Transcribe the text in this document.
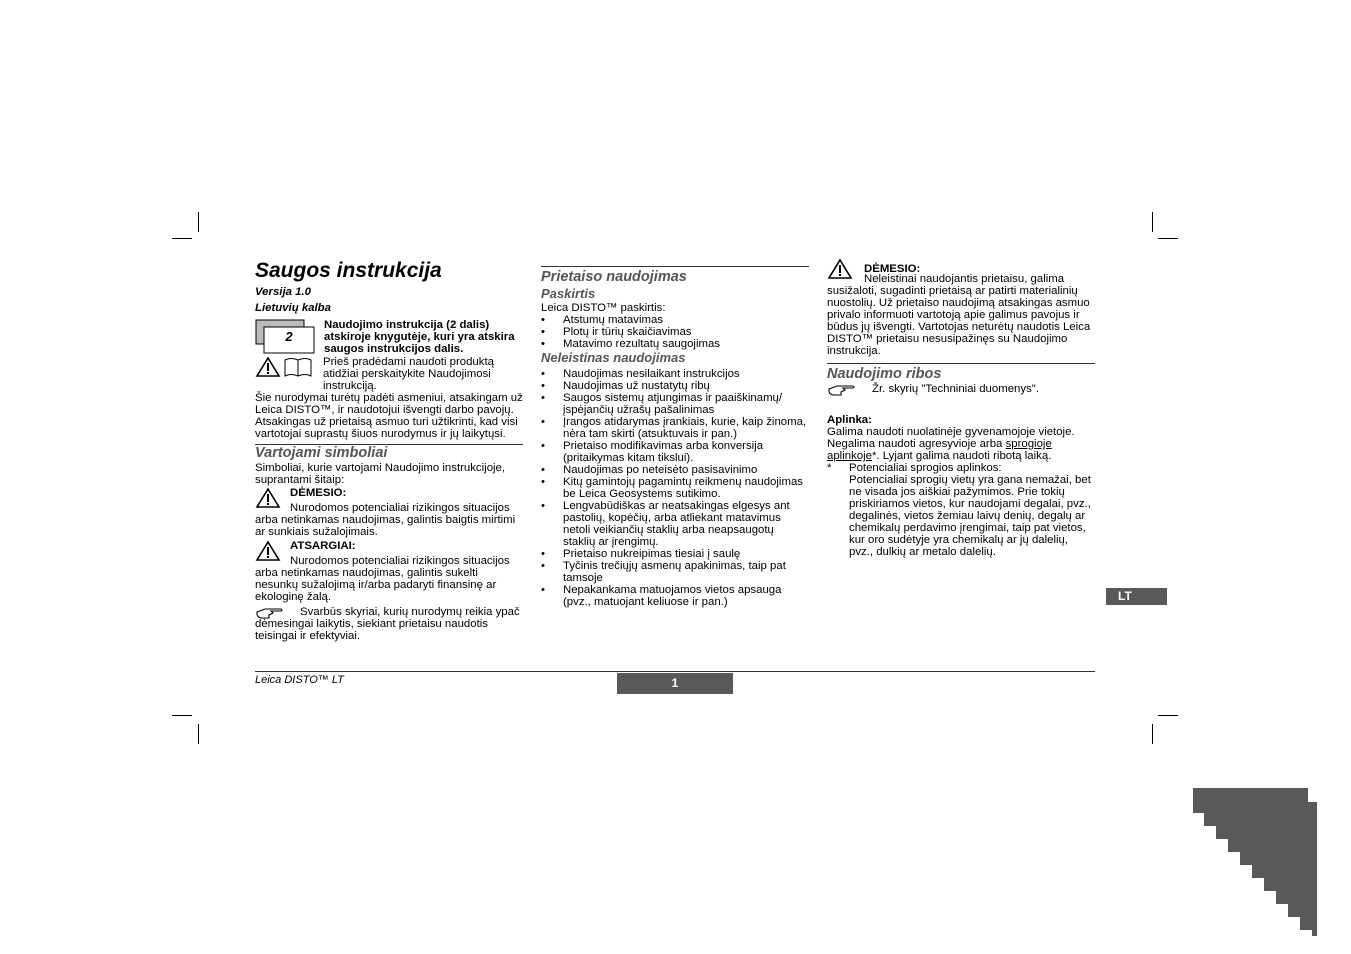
Saugos instrukcija
Versija 1.0
Lietuvių kalba
2

Naudojimo instrukcija (2 dalis) atskiroje knygutėje, kuri yra atskira saugos instrukcijos dalis.

Prieš pradėdami naudoti produktą atidžiai perskaitykite Naudojimosi instrukciją.

Šie nurodymai turėtų padėti asmeniui, atsakingam už Leica DISTO™, ir naudotojui išvengti darbo pavojų.

Atsakingas už prietaisą asmuo turi užtikrinti, kad visi vartotojai suprastų šiuos nurodymus ir jų laikytųsi.

Vartojami simboliai

Simboliai, kurie vartojami Naudojimo instrukcijoje, suprantami šitaip:

DĖMESIO:

Nurodomos potencialiai rizikingos situacijos arba netinkamas naudojimas, galintis baigtis mirtimi ar sunkiais sužalojimais.

ATSARGIAI:

Nurodomos potencialiai rizikingos situacijos arba netinkamas naudojimas, galintis sukelti nesunkų sužalojimą ir/arba padaryti finansinę ar ekologinę žalą.

Svarbūs skyriai, kurių nurodymų reikia ypač dėmesingai laikytis, siekiant prietaisu naudotis teisingai ir efektyviai.

Prietaiso naudojimas
Paskirtis

Leica DISTO™ paskirtis:

• Atstumų matavimas
• Plotų ir tūrių skaičiavimas
• Matavimo rezultatų saugojimas
Neleistinas naudojimas
• Naudojimas nesilaikant instrukcijos
• Naudojimas už nustatytų ribų
• Saugos sistemų atjungimas ir paaiškinamų/ įspėjančių užrašų pašalinimas
• Įrangos atidarymas įrankiais, kurie, kaip žinoma, nėra tam skirti (atsuktuvais ir pan.)
• Prietaiso modifikavimas arba konversija (pritaikymas kitam tikslui).
• Naudojimas po neteisėto pasisavinimo
• Kitų gamintojų pagamintų reikmenų naudojimas be Leica Geosystems sutikimo.
• Lengvabūdiškas ar neatsakingas elgesys ant pastolių, kopėčių, arba atliekant matavimus netoli veikiančių staklių arba neapsaugotų staklių ar įrengimų.
• Prietaiso nukreipimas tiesiai į saulę
• Tyčinis trečiųjų asmenų apakinimas, taip pat tamsoje
• Nepakankama matuojamos vietos apsauga (pvz., matuojant keliuose ir pan.)
DĖMESIO:

Neleistinai naudojantis prietaisu, galima susižaloti, sugadinti prietaisą ar patirti materialinių nuostolių. Už prietaiso naudojimą atsakingas asmuo privalo informuoti vartotoją apie galimus pavojus ir būdus jų išvengti. Vartotojas neturėtų naudotis Leica DISTO™ prietaisu nesusipažinęs su Naudojimo instrukcija.

Naudojimo ribos

Žr. skyrių "Techniniai duomenys".

Aplinka:

Galima naudoti nuolatinėje gyvenamojoje vietoje. Negalima naudoti agresyvioje arba sprogioje aplinkoje*. Lyjant galima naudoti ribotą laiką.

* Potencialiai sprogios aplinkos:

Potencialiai sprogių vietų yra gana nemažai, bet ne visada jos aiškiai pažymimos. Prie tokių priskiriamos vietos, kur naudojami degalai, pvz., degalinės, vietos žemiau laivų denių, degalų ar chemikalų perdavimo įrengimai, taip pat vietos, kur oro sudėtyje yra chemikalų ar jų dalelių, pvz., dulkių ar metalo dalelių.

LT
Leica DISTO™ LT	1
